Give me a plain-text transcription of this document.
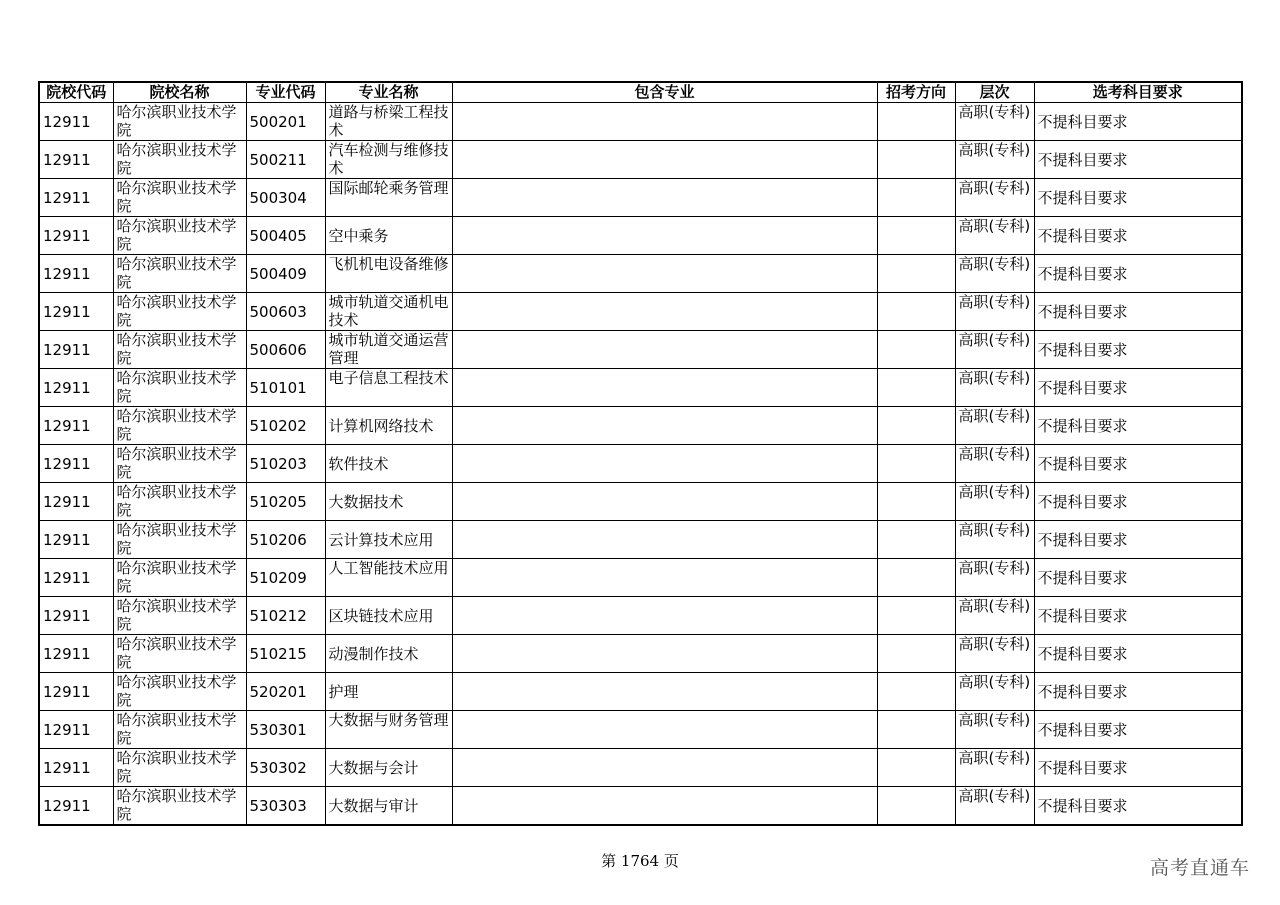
院校代码	院校名称	专业代码	专业名称	包含专业	招考方向	层次	选考科目要求
12911	哈尔滨职业技术学院	500201	道路与桥梁工程技术			高职(专科)	不提科目要求
12911	哈尔滨职业技术学院	500211	汽车检测与维修技术			高职(专科)	不提科目要求
12911	哈尔滨职业技术学院	500304	国际邮轮乘务管理			高职(专科)	不提科目要求
12911	哈尔滨职业技术学院	500405	空中乘务			高职(专科)	不提科目要求
12911	哈尔滨职业技术学院	500409	飞机机电设备维修			高职(专科)	不提科目要求
12911	哈尔滨职业技术学院	500603	城市轨道交通机电技术			高职(专科)	不提科目要求
12911	哈尔滨职业技术学院	500606	城市轨道交通运营管理			高职(专科)	不提科目要求
12911	哈尔滨职业技术学院	510101	电子信息工程技术			高职(专科)	不提科目要求
12911	哈尔滨职业技术学院	510202	计算机网络技术			高职(专科)	不提科目要求
12911	哈尔滨职业技术学院	510203	软件技术			高职(专科)	不提科目要求
12911	哈尔滨职业技术学院	510205	大数据技术			高职(专科)	不提科目要求
12911	哈尔滨职业技术学院	510206	云计算技术应用			高职(专科)	不提科目要求
12911	哈尔滨职业技术学院	510209	人工智能技术应用			高职(专科)	不提科目要求
12911	哈尔滨职业技术学院	510212	区块链技术应用			高职(专科)	不提科目要求
12911	哈尔滨职业技术学院	510215	动漫制作技术			高职(专科)	不提科目要求
12911	哈尔滨职业技术学院	520201	护理			高职(专科)	不提科目要求
12911	哈尔滨职业技术学院	530301	大数据与财务管理			高职(专科)	不提科目要求
12911	哈尔滨职业技术学院	530302	大数据与会计			高职(专科)	不提科目要求
12911	哈尔滨职业技术学院	530303	大数据与审计			高职(专科)	不提科目要求
第 1764 页	高考直通车
